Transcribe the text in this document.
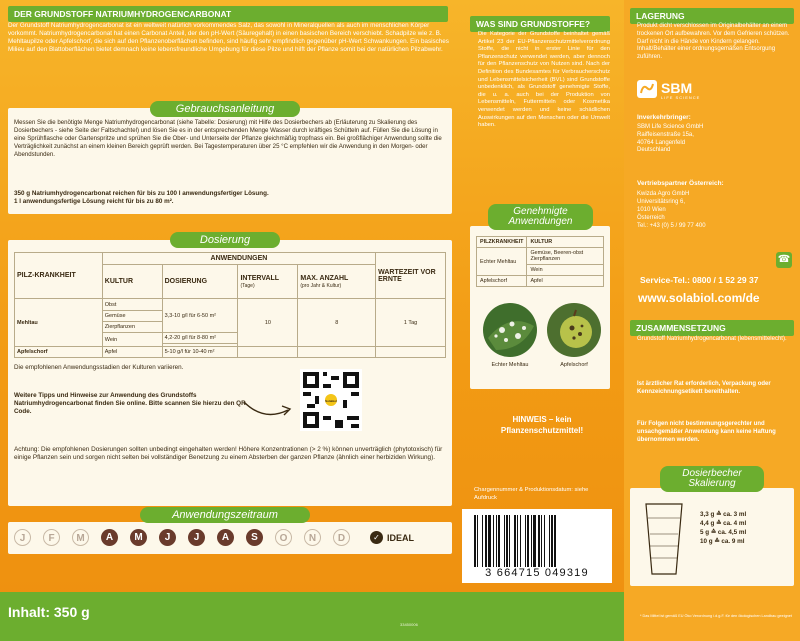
DER GRUNDSTOFF NATRIUMHYDROGENCARBONAT
Der Grundstoff Natriumhydrogencarbonat ist ein weltweit natürlich vorkommendes Salz, das sowohl in Mineralquellen als auch im menschlichen Körper vorkommt. Natriumhydrogencarbonat hat einen Carbonat Anteil, der den pH-Wert (Säuregehalt) in einen basischen Bereich verschiebt. Schadpilze wie z. B. Mehltaupilze oder Apfelschorf, die sich auf den Pflanzenoberflächen befinden, sind häufig sehr empfindlich gegenüber pH-Wert Schwankungen. Ein basisches Milieu auf den Blattoberflächen bietet demnach keine lebensfreundliche Umgebung für diese Pilze und hilft der Pflanze somit bei der natürlichen Pilzabwehr.
Gebrauchsanleitung
Messen Sie die benötigte Menge Natriumhydrogencarbonat (siehe Tabelle: Dosierung) mit Hilfe des Dosierbechers ab (Erläuterung zu Skalierung des Dosierbechers - siehe Seite der Faltschachtel) und lösen Sie es in der entsprechenden Menge Wasser durch kräftiges Schütteln auf. Füllen Sie die Lösung in eine Sprühflasche oder Gartenspritze und sprühen Sie die Ober- und Unterseite der Pflanze gleichmäßig tropfnass ein. Bei großflächiger Anwendung sollte die Verträglichkeit zunächst an einem kleinen Bereich geprüft werden. Bei Tagestemperaturen über 25 °C empfehlen wir die Anwendung in den Morgen- oder Abendstunden.
350 g Natriumhydrogencarbonat reichen für bis zu 100 l anwendungsfertiger Lösung.
1 l anwendungsfertige Lösung reicht für bis zu 80 m².
Dosierung
PILZ-KRANKHEIT	ANWENDUNGEN				WARTEZEIT VOR ERNTE
	KULTUR	DOSIERUNG	INTERVALL
(Tage)	MAX. ANZAHL
(pro Jahr & Kultur)	
Mehltau	Obst	3,3-10 g/l für 6-50 m²	10	8	1 Tag
	Gemüse				
	Zierpflanzen				
	Wein	4,2-20 g/l für 8-80 m²			

Apfelschorf	Apfel	5-10 g/l für 10-40 m²			
Die empfohlenen Anwendungsstadien der Kulturen variieren.
Weitere Tipps und Hinweise zur Anwendung des Grundstoffs Natriumhydrogencarbonat finden Sie online. Bitte scannen Sie hierzu den QR Code.
Solabiol
Achtung: Die empfohlenen Dosierungen sollten unbedingt eingehalten werden! Höhere Konzentrationen (> 2 %) können unverträglich (phytotoxisch) für einige Pflanzen sein und sorgen nicht selten bei vollständiger Benetzung zu einem Absterben der ganzen Pflanze (ähnlich einer herbiziden Wirkung).
Anwendungszeitraum
J	F	M	A	M	J	J	A	S	O	N	D	✓ IDEAL
Inhalt: 350 g
33450006
WAS SIND GRUNDSTOFFE?
Die Kategorie der Grundstoffe beinhaltet gemäß Artikel 23 der EU-Pflanzenschutzmittelverordnung Stoffe, die nicht in erster Linie für den Pflanzenschutz verwendet werden, aber dennoch für den Pflanzenschutz von Nutzen sind. Nach der Definition des Bundesamtes für Verbraucherschutz und Lebensmittelsicherheit (BVL) sind Grundstoffe unbedenklich, als Grundstoff genehmigte Stoffe, die u. a. auch bei der Produktion von Lebensmitteln, Futtermitteln oder Kosmetika verwendet werden und keine schädlichen Auswirkungen auf den Menschen oder die Umwelt haben.
Genehmigte Anwendungen
PILZKRANKHEIT	KULTUR
Echter Mehltau	Gemüse, Beeren-obst Zierpflanzen
	Wein
Apfelschorf	Apfel
Echter Mehltau	Apfelschorf
HINWEIS – kein Pflanzenschutzmittel!
Chargennummer & Produktionsdatum: siehe Aufdruck
3 664715 049319
LAGERUNG
Produkt dicht verschlossen im Originalbehälter an einem trockenen Ort aufbewahren. Vor dem Gefrieren schützen. Darf nicht in die Hände von Kindern gelangen. Inhalt/Behälter einer ordnungsgemäßen Entsorgung zuführen.
SBM
LIFE SCIENCE
Inverkehrbringer:
SBM Life Science GmbH
Raiffeisenstraße 15a,
40764 Langenfeld
Deutschland
Vertriebspartner Österreich:
Kwizda Agro GmbH
Universitätsring 6,
1010 Wien
Österreich
Tel.: +43 (0) 5 / 99 77 400
☎
Service-Tel.: 0800 / 1 52 29 37
www.solabiol.com/de
ZUSAMMENSETZUNG
Grundstoff Natriumhydrogencarbonat (lebensmittelecht).
Ist ärztlicher Rat erforderlich, Verpackung oder Kennzeichnungsetikett bereithalten.
Für Folgen nicht bestimmungsgerechter und unsachgemäßer Anwendung kann keine Haftung übernommen werden.
Dosierbecher Skalierung
3,3 g ≙ ca. 3 ml
4,4 g ≙ ca. 4 ml
5 g ≙ ca. 4,5 ml
10 g ≙ ca. 9 ml
* Das Mittel ist gemäß EU Öko Verordnung i.d.g.F. für den ökologischen Landbau geeignet
